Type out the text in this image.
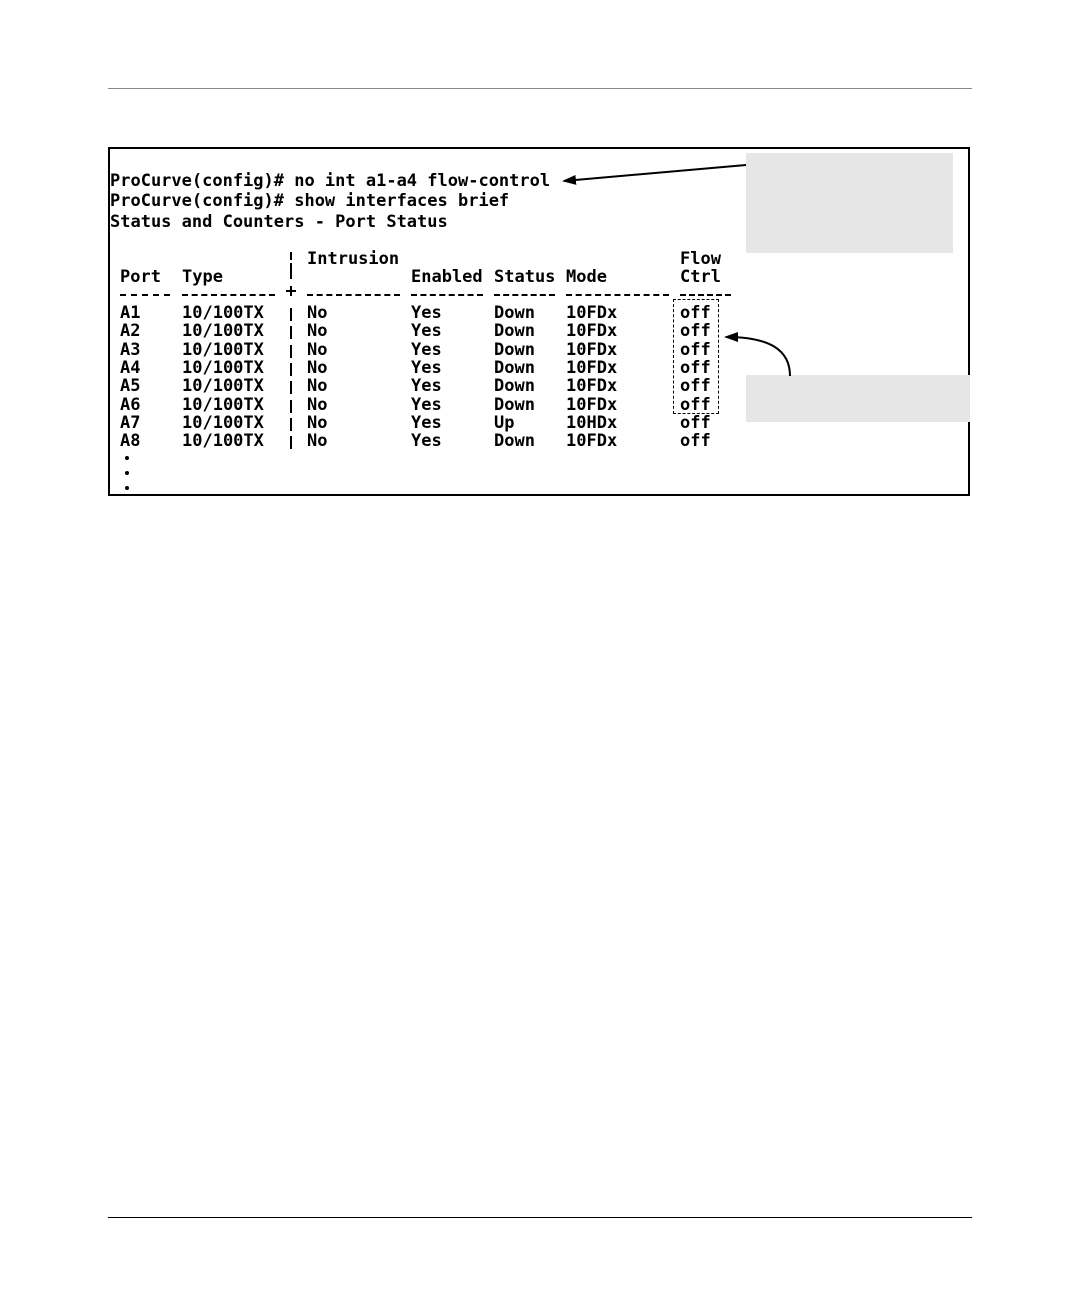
ProCurve(config)# no int a1-a4 flow-control
ProCurve(config)# show interfaces brief
Status and Counters - Port Status
Intrusion	Flow
Port Type	Enabled Status Mode	Ctrl
A1 10/100TX	No	Yes	Down 10FDx	off
A2 10/100TX	No	Yes	Down 10FDx	off
A3 10/100TX	No	Yes	Down 10FDx	off
A4 10/100TX	No	Yes	Down 10FDx	off
A5 10/100TX	No	Yes	Down 10FDx	off
A6 10/100TX	No	Yes	Down 10FDx	off
A7 10/100TX	No	Yes	Up	10HDx	off
A8 10/100TX	No	Yes	Down 10FDx	off
